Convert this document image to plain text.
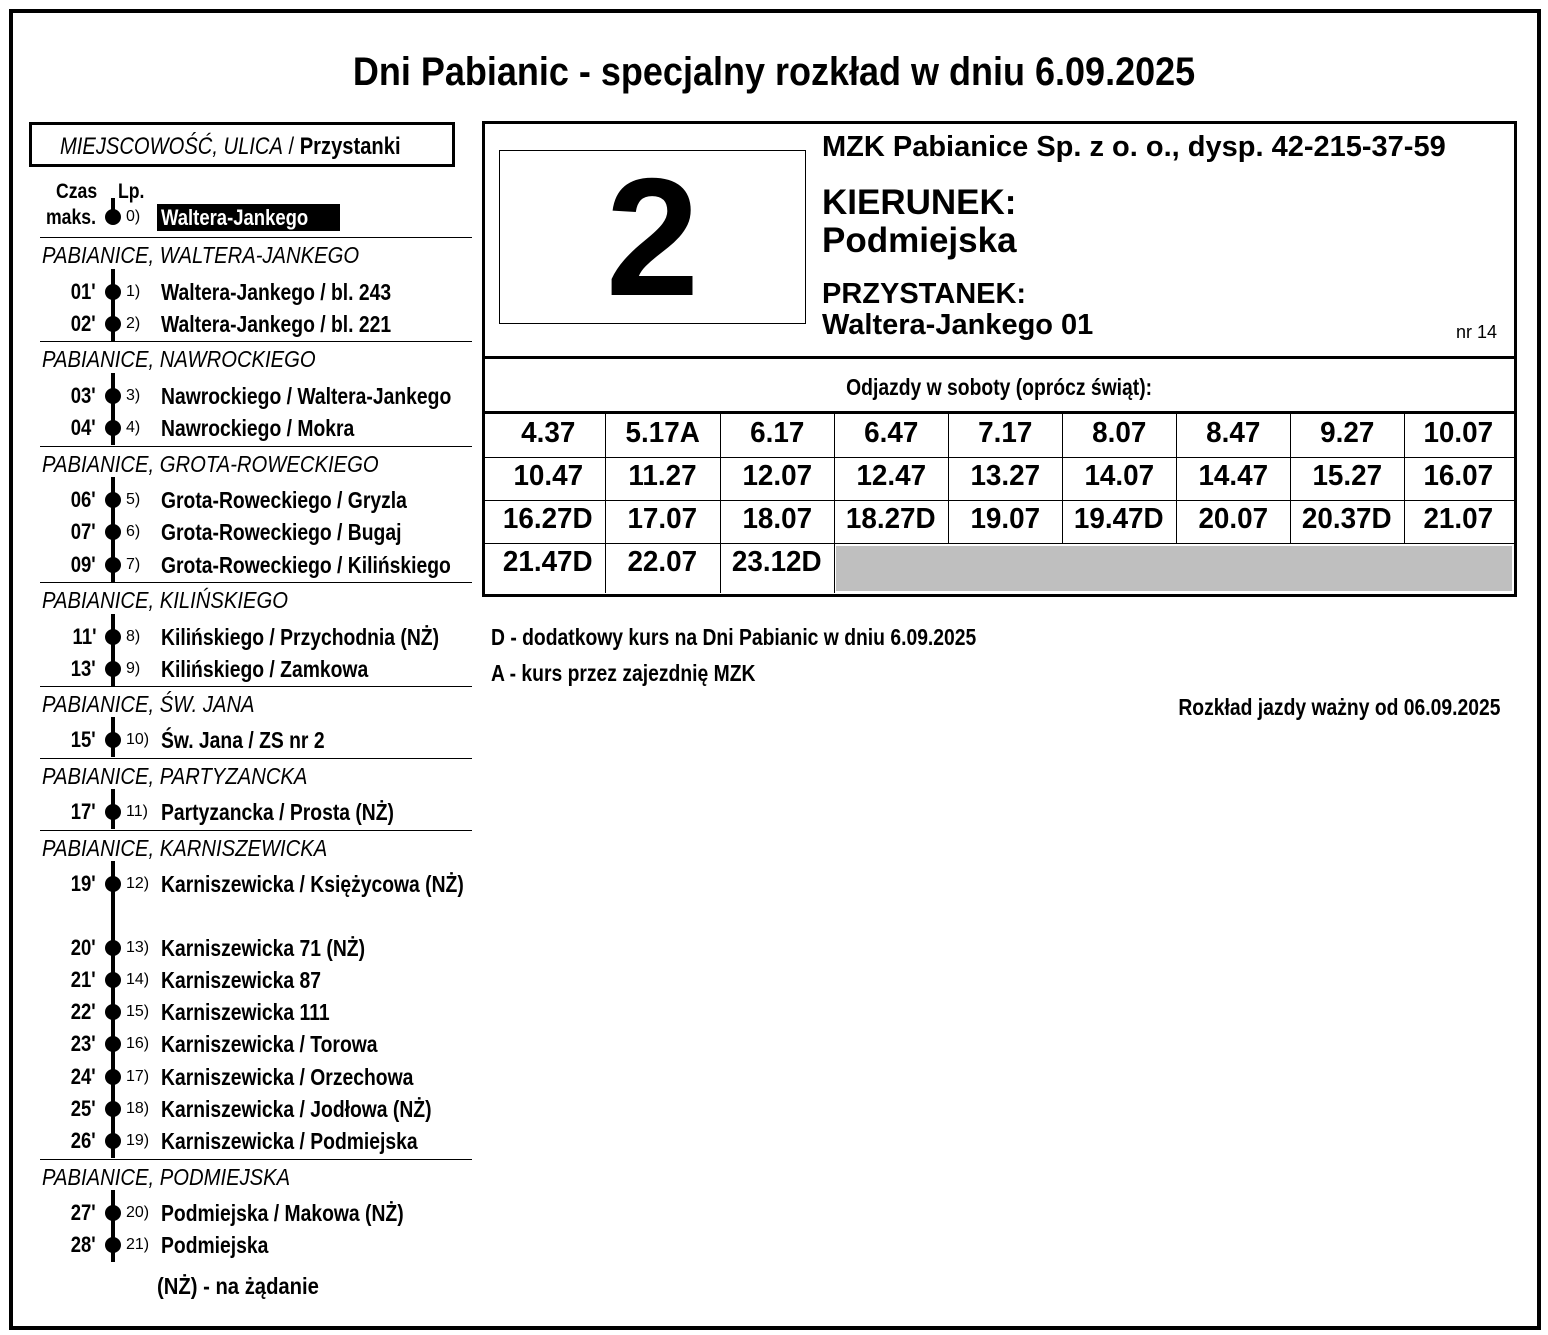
Dni Pabianic - specjalny rozkład w dniu 6.09.2025
MIEJSCOWOŚĆ, ULICA / Przystanki
Czas
maks.
Lp.
0) Waltera-Jankego
PABIANICE, WALTERA-JANKEGO
PABIANICE, NAWROCKIEGO
PABIANICE, GROTA-ROWECKIEGO
PABIANICE, KILIŃSKIEGO
PABIANICE, ŚW. JANA
PABIANICE, PARTYZANCKA
PABIANICE, KARNISZEWICKA
PABIANICE, PODMIEJSKA
01' 1) Waltera-Jankego / bl. 243
02' 2) Waltera-Jankego / bl. 221
03' 3) Nawrockiego / Waltera-Jankego
04' 4) Nawrockiego / Mokra
06' 5) Grota-Roweckiego / Gryzla
07' 6) Grota-Roweckiego / Bugaj
09' 7) Grota-Roweckiego / Kilińskiego
11' 8) Kilińskiego / Przychodnia (NŻ)
13' 9) Kilińskiego / Zamkowa
15' 10) Św. Jana / ZS nr 2
17' 11) Partyzancka / Prosta (NŻ)
19' 12) Karniszewicka / Księżycowa (NŻ)
20' 13) Karniszewicka 71 (NŻ)
21' 14) Karniszewicka 87
22' 15) Karniszewicka 111
23' 16) Karniszewicka / Torowa
24' 17) Karniszewicka / Orzechowa
25' 18) Karniszewicka / Jodłowa (NŻ)
26' 19) Karniszewicka / Podmiejska
27' 20) Podmiejska / Makowa (NŻ)
28' 21) Podmiejska
(NŻ) - na żądanie
2	MZK Pabianice Sp. z o. o., dysp. 42-215-37-59
KIERUNEK:
Podmiejska
PRZYSTANEK:
Waltera-Jankego 01	nr 14
Odjazdy w soboty (oprócz świąt):
4.37	5.17A	6.17	6.47	7.17	8.07	8.47	9.27	10.07
10.47	11.27	12.07	12.47	13.27	14.07	14.47	15.27	16.07
16.27D	17.07	18.07	18.27D	19.07	19.47D	20.07	20.37D	21.07
21.47D	22.07	23.12D
D - dodatkowy kurs na Dni Pabianic w dniu 6.09.2025
A - kurs przez zajezdnię MZK
Rozkład jazdy ważny od 06.09.2025
